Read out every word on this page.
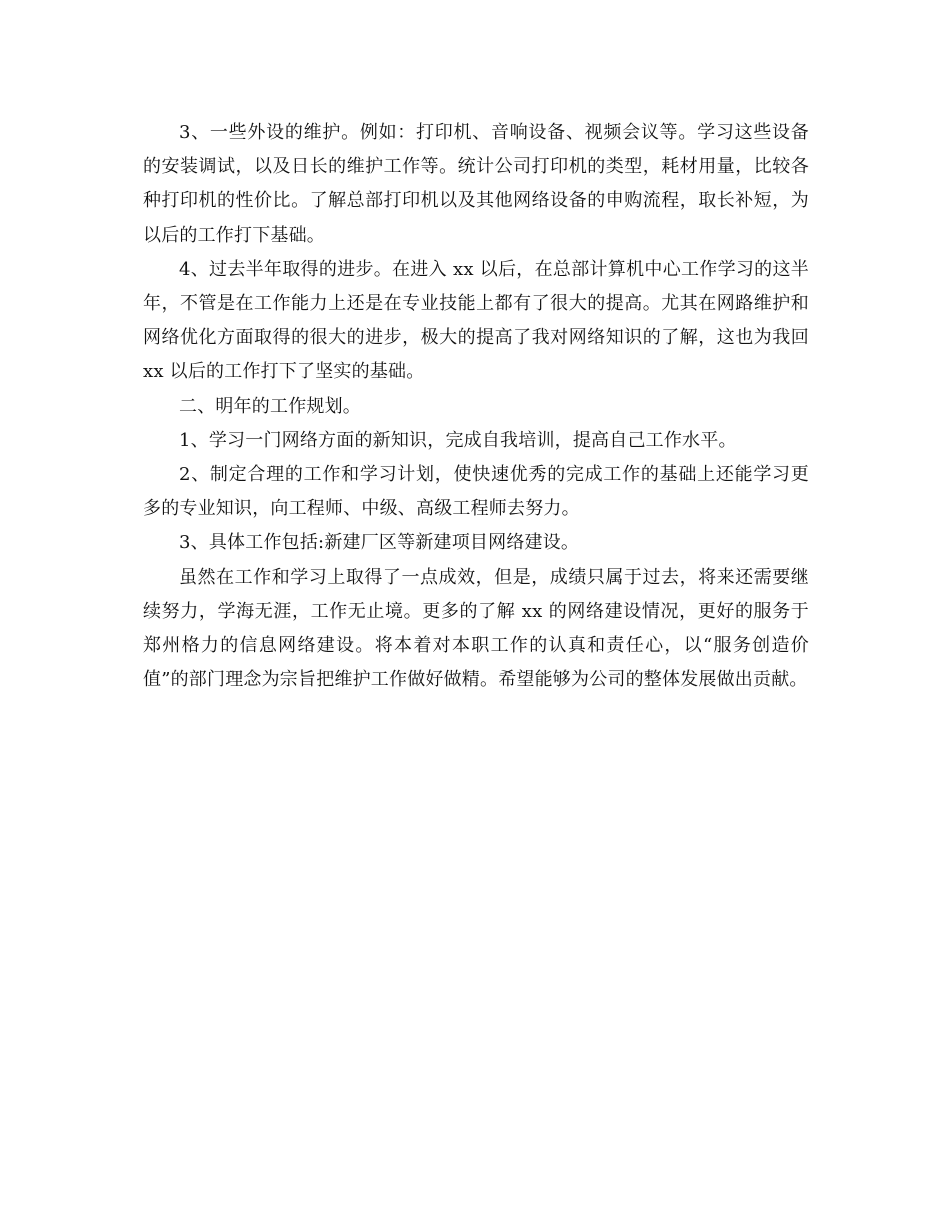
3、一些外设的维护。例如：打印机、音响设备、视频会议等。学习这些设备的安装调试，以及日长的维护工作等。统计公司打印机的类型，耗材用量，比较各种打印机的性价比。了解总部打印机以及其他网络设备的申购流程，取长补短，为以后的工作打下基础。

4、过去半年取得的进步。在进入 xx 以后，在总部计算机中心工作学习的这半年，不管是在工作能力上还是在专业技能上都有了很大的提高。尤其在网路维护和网络优化方面取得的很大的进步，极大的提高了我对网络知识的了解，这也为我回 xx 以后的工作打下了坚实的基础。

二、明年的工作规划。

1、学习一门网络方面的新知识，完成自我培训，提高自己工作水平。

2、制定合理的工作和学习计划，使快速优秀的完成工作的基础上还能学习更多的专业知识，向工程师、中级、高级工程师去努力。

3、具体工作包括:新建厂区等新建项目网络建设。

虽然在工作和学习上取得了一点成效，但是，成绩只属于过去，将来还需要继续努力，学海无涯，工作无止境。更多的了解 xx 的网络建设情况，更好的服务于郑州格力的信息网络建设。将本着对本职工作的认真和责任心，以“服务创造价值”的部门理念为宗旨把维护工作做好做精。希望能够为公司的整体发展做出贡献。
